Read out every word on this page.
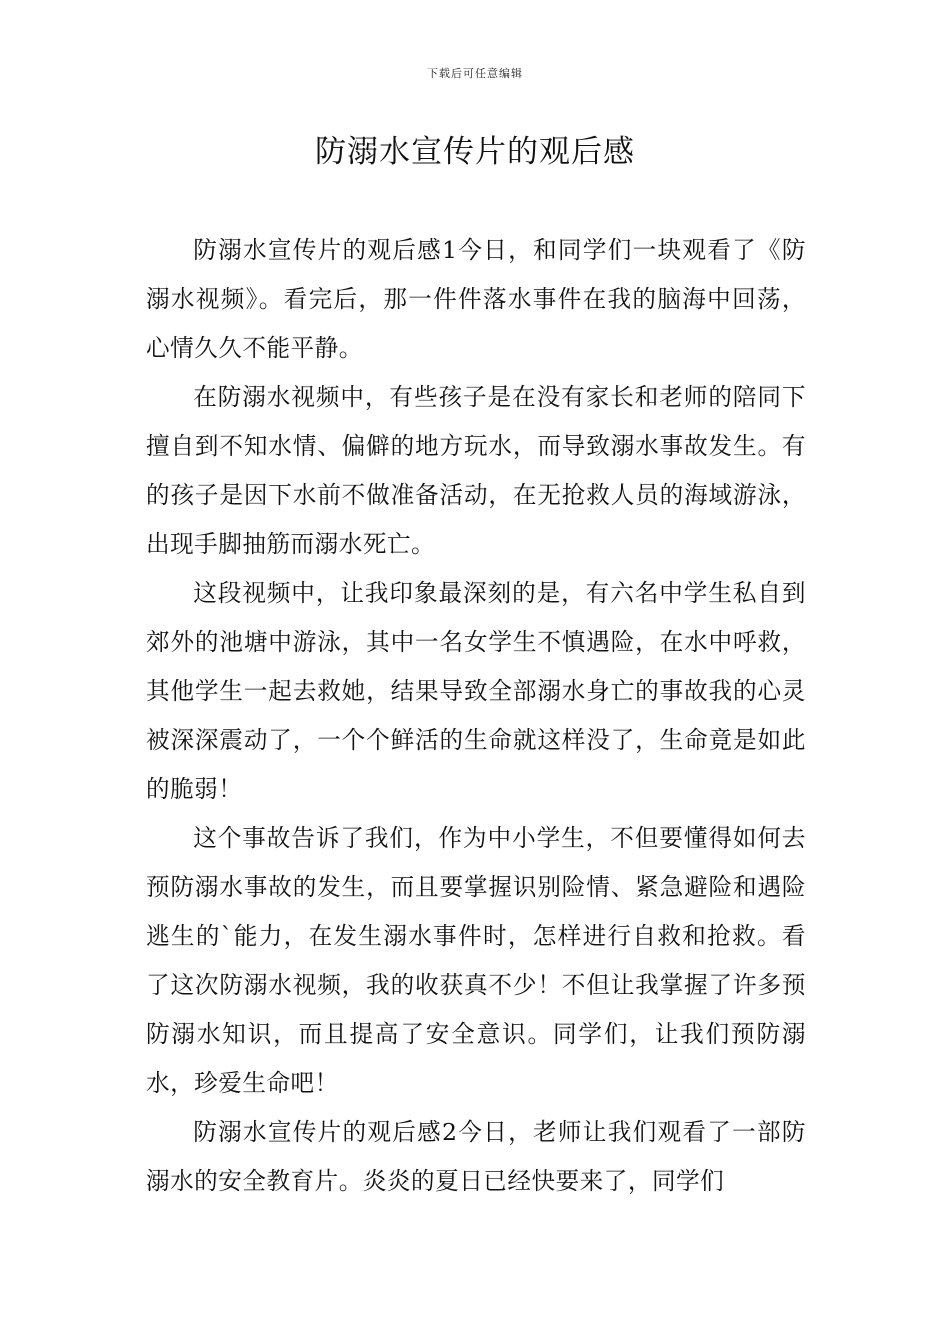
下载后可任意编辑
防溺水宣传片的观后感

防溺水宣传片的观后感1今日，和同学们一块观看了《防溺水视频》。看完后，那一件件落水事件在我的脑海中回荡，心情久久不能平静。

在防溺水视频中，有些孩子是在没有家长和老师的陪同下擅自到不知水情、偏僻的地方玩水，而导致溺水事故发生。有的孩子是因下水前不做准备活动，在无抢救人员的海域游泳，出现手脚抽筋而溺水死亡。

这段视频中，让我印象最深刻的是，有六名中学生私自到郊外的池塘中游泳，其中一名女学生不慎遇险，在水中呼救，其他学生一起去救她，结果导致全部溺水身亡的事故我的心灵被深深震动了，一个个鲜活的生命就这样没了，生命竟是如此的脆弱！

这个事故告诉了我们，作为中小学生，不但要懂得如何去预防溺水事故的发生，而且要掌握识别险情、紧急避险和遇险逃生的`能力，在发生溺水事件时，怎样进行自救和抢救。看了这次防溺水视频，我的收获真不少！不但让我掌握了许多预防溺水知识，而且提高了安全意识。同学们，让我们预防溺水，珍爱生命吧！

防溺水宣传片的观后感2今日，老师让我们观看了一部防溺水的安全教育片。炎炎的夏日已经快要来了，同学们
